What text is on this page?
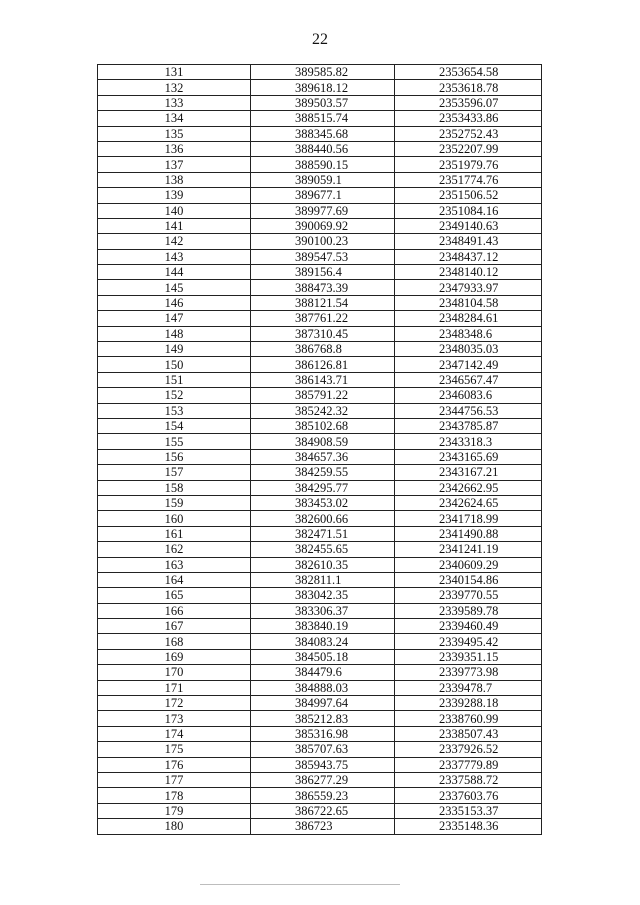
22
131	389585.82	2353654.58
132	389618.12	2353618.78
133	389503.57	2353596.07
134	388515.74	2353433.86
135	388345.68	2352752.43
136	388440.56	2352207.99
137	388590.15	2351979.76
138	389059.1	2351774.76
139	389677.1	2351506.52
140	389977.69	2351084.16
141	390069.92	2349140.63
142	390100.23	2348491.43
143	389547.53	2348437.12
144	389156.4	2348140.12
145	388473.39	2347933.97
146	388121.54	2348104.58
147	387761.22	2348284.61
148	387310.45	2348348.6
149	386768.8	2348035.03
150	386126.81	2347142.49
151	386143.71	2346567.47
152	385791.22	2346083.6
153	385242.32	2344756.53
154	385102.68	2343785.87
155	384908.59	2343318.3
156	384657.36	2343165.69
157	384259.55	2343167.21
158	384295.77	2342662.95
159	383453.02	2342624.65
160	382600.66	2341718.99
161	382471.51	2341490.88
162	382455.65	2341241.19
163	382610.35	2340609.29
164	382811.1	2340154.86
165	383042.35	2339770.55
166	383306.37	2339589.78
167	383840.19	2339460.49
168	384083.24	2339495.42
169	384505.18	2339351.15
170	384479.6	2339773.98
171	384888.03	2339478.7
172	384997.64	2339288.18
173	385212.83	2338760.99
174	385316.98	2338507.43
175	385707.63	2337926.52
176	385943.75	2337779.89
177	386277.29	2337588.72
178	386559.23	2337603.76
179	386722.65	2335153.37
180	386723	2335148.36
